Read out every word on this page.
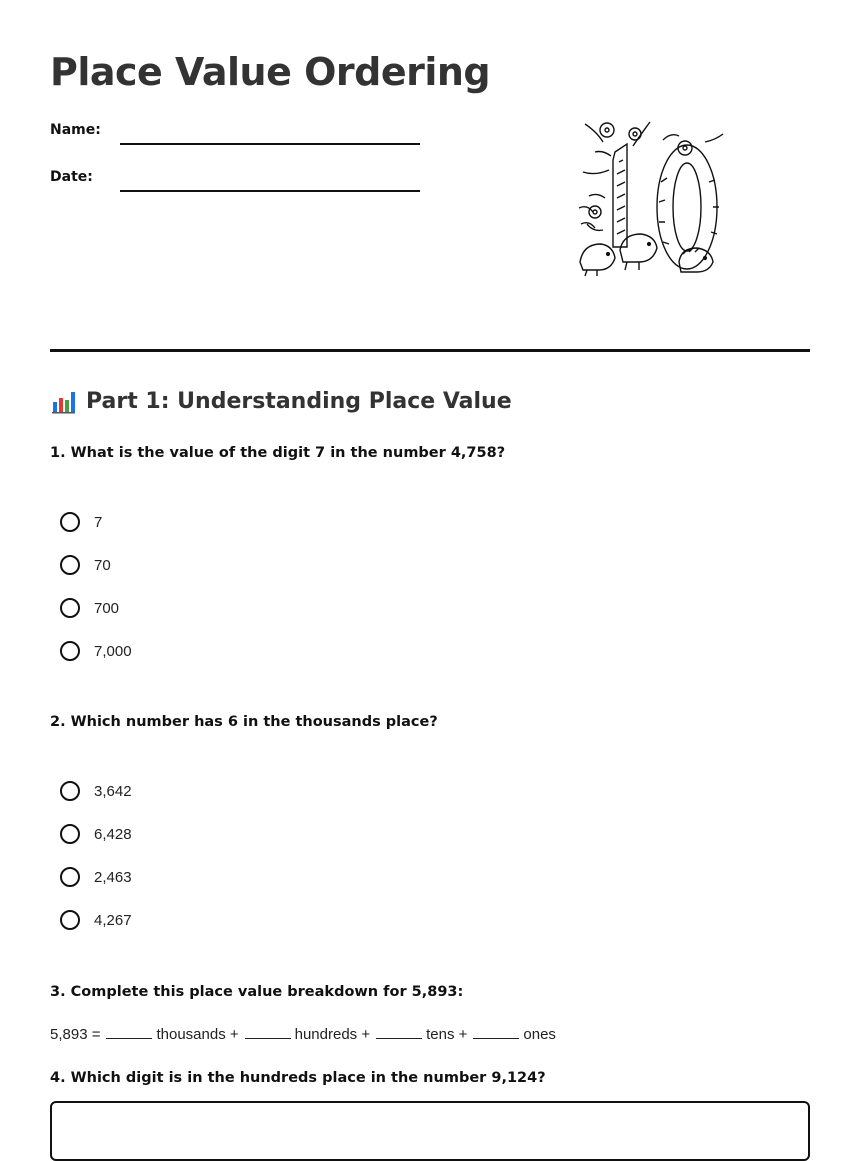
Place Value Ordering
Name:
Date:
Part 1: Understanding Place Value

1. What is the value of the digit 7 in the number 4,758?

7
70
700
7,000

2. Which number has 6 in the thousands place?

3,642
6,428
2,463
4,267

3. Complete this place value breakdown for 5,893:

5,893 =	thousands +	hundreds +	tens +	ones

4. Which digit is in the hundreds place in the number 9,124?
